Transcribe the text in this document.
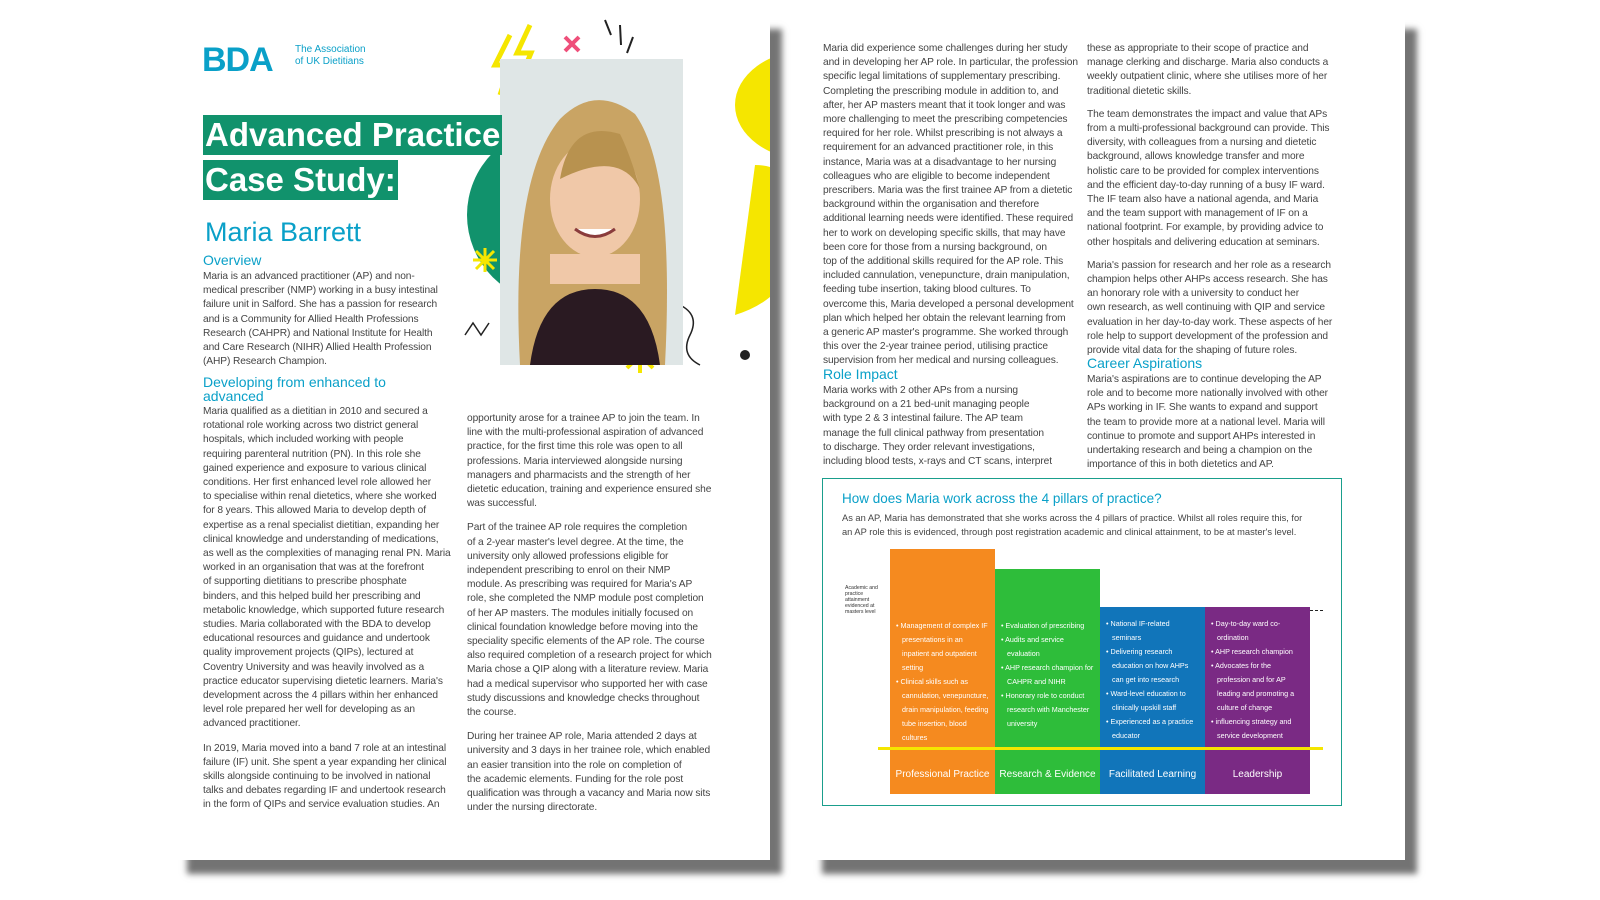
BDA The Association
of UK Dietitians
Advanced Practice
Case Study:
Maria Barrett
Overview
Maria is an advanced practitioner (AP) and non-
medical prescriber (NMP) working in a busy intestinal
failure unit in Salford. She has a passion for research
and is a Community for Allied Health Professions
Research (CAHPR) and National Institute for Health
and Care Research (NIHR) Allied Health Profession
(AHP) Research Champion.
Developing from enhanced to
advanced
Maria qualified as a dietitian in 2010 and secured a
rotational role working across two district general
hospitals, which included working with people
requiring parenteral nutrition (PN). In this role she
gained experience and exposure to various clinical
conditions. Her first enhanced level role allowed her
to specialise within renal dietetics, where she worked
for 8 years. This allowed Maria to develop depth of
expertise as a renal specialist dietitian, expanding her
clinical knowledge and understanding of medications,
as well as the complexities of managing renal PN. Maria
worked in an organisation that was at the forefront
of supporting dietitians to prescribe phosphate
binders, and this helped build her prescribing and
metabolic knowledge, which supported future research
studies. Maria collaborated with the BDA to develop
educational resources and guidance and undertook
quality improvement projects (QIPs), lectured at
Coventry University and was heavily involved as a
practice educator supervising dietetic learners. Maria's
development across the 4 pillars within her enhanced
level role prepared her well for developing as an
advanced practitioner.
In 2019, Maria moved into a band 7 role at an intestinal
failure (IF) unit. She spent a year expanding her clinical
skills alongside continuing to be involved in national
talks and debates regarding IF and undertook research
in the form of QIPs and service evaluation studies. An
opportunity arose for a trainee AP to join the team. In
line with the multi-professional aspiration of advanced
practice, for the first time this role was open to all
professions. Maria interviewed alongside nursing
managers and pharmacists and the strength of her
dietetic education, training and experience ensured she
was successful.
Part of the trainee AP role requires the completion
of a 2-year master's level degree. At the time, the
university only allowed professions eligible for
independent prescribing to enrol on their NMP
module. As prescribing was required for Maria's AP
role, she completed the NMP module post completion
of her AP masters. The modules initially focused on
clinical foundation knowledge before moving into the
speciality specific elements of the AP role. The course
also required completion of a research project for which
Maria chose a QIP along with a literature review. Maria
had a medical supervisor who supported her with case
study discussions and knowledge checks throughout
the course.
During her trainee AP role, Maria attended 2 days at
university and 3 days in her trainee role, which enabled
an easier transition into the role on completion of
the academic elements. Funding for the role post
qualification was through a vacancy and Maria now sits
under the nursing directorate.
Maria did experience some challenges during her study
and in developing her AP role. In particular, the profession
specific legal limitations of supplementary prescribing.
Completing the prescribing module in addition to, and
after, her AP masters meant that it took longer and was
more challenging to meet the prescribing competencies
required for her role. Whilst prescribing is not always a
requirement for an advanced practitioner role, in this
instance, Maria was at a disadvantage to her nursing
colleagues who are eligible to become independent
prescribers. Maria was the first trainee AP from a dietetic
background within the organisation and therefore
additional learning needs were identified. These required
her to work on developing specific skills, that may have
been core for those from a nursing background, on
top of the additional skills required for the AP role. This
included cannulation, venepuncture, drain manipulation,
feeding tube insertion, taking blood cultures. To
overcome this, Maria developed a personal development
plan which helped her obtain the relevant learning from
a generic AP master's programme. She worked through
this over the 2-year trainee period, utilising practice
supervision from her medical and nursing colleagues.
Role Impact
Maria works with 2 other APs from a nursing
background on a 21 bed-unit managing people
with type 2 & 3 intestinal failure. The AP team
manage the full clinical pathway from presentation
to discharge. They order relevant investigations,
including blood tests, x-rays and CT scans, interpret
these as appropriate to their scope of practice and
manage clerking and discharge. Maria also conducts a
weekly outpatient clinic, where she utilises more of her
traditional dietetic skills.
The team demonstrates the impact and value that APs
from a multi-professional background can provide. This
diversity, with colleagues from a nursing and dietetic
background, allows knowledge transfer and more
holistic care to be provided for complex interventions
and the efficient day-to-day running of a busy IF ward.
The IF team also have a national agenda, and Maria
and the team support with management of IF on a
national footprint. For example, by providing advice to
other hospitals and delivering education at seminars.
Maria's passion for research and her role as a research
champion helps other AHPs access research. She has
an honorary role with a university to conduct her
own research, as well continuing with QIP and service
evaluation in her day-to-day work. These aspects of her
role help to support development of the profession and
provide vital data for the shaping of future roles.
Career Aspirations
Maria's aspirations are to continue developing the AP
role and to become more nationally involved with other
APs working in IF. She wants to expand and support
the team to provide more at a national level. Maria will
continue to promote and support AHPs interested in
undertaking research and being a champion on the
importance of this in both dietetics and AP.
How does Maria work across the 4 pillars of practice?
As an AP, Maria has demonstrated that she works across the 4 pillars of practice. Whilst all roles require this, for
an AP role this is evidenced, through post registration academic and clinical attainment, to be at master's level.
Academic and
practice
attainment
evidenced at
masters level
• Management of complex IF
presentations in an
inpatient and outpatient
setting
• Clinical skills such as
cannulation, venepuncture,
drain manipulation, feeding
tube insertion, blood
cultures
Professional Practice
• Evaluation of prescribing
• Audits and service
evaluation
• AHP research champion for
CAHPR and NIHR
• Honorary role to conduct
research with Manchester
university
Research & Evidence
• National IF-related
seminars
• Delivering research
education on how AHPs
can get into research
• Ward-level education to
clinically upskill staff
• Experienced as a practice
educator
Facilitated Learning
• Day-to-day ward co-
ordination
• AHP research champion
• Advocates for the
profession and for AP
leading and promoting a
culture of change
• influencing strategy and
service development
Leadership
